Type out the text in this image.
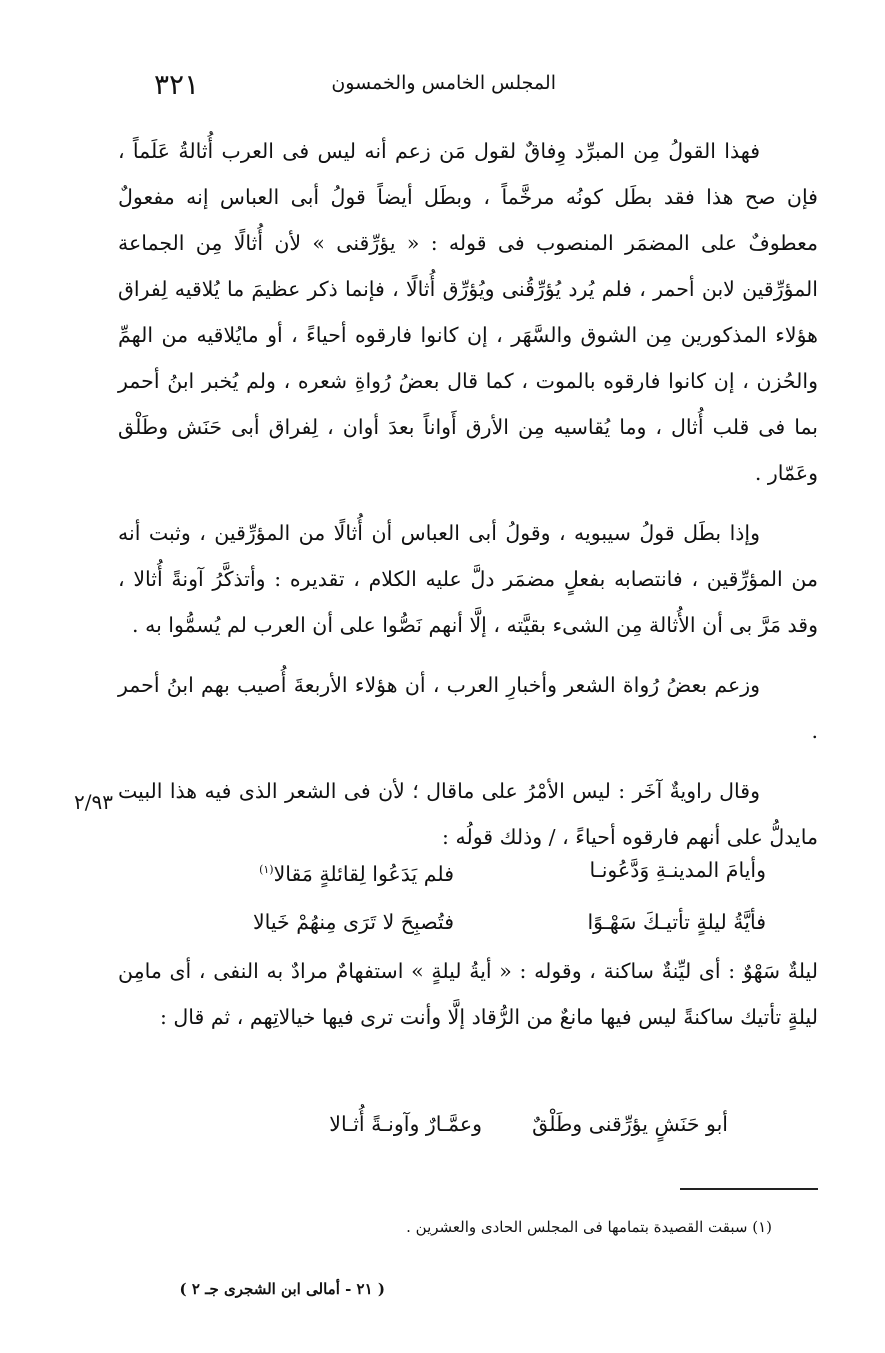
المجلس الخامس والخمسون
٣٢١

فهذا القولُ مِن المبرِّد وِفاقٌ لقول مَن زعم أنه ليس فى العرب أُثالةُ عَلَماً ، فإن صح هذا فقد بطَل كونُه مرخَّماً ، وبطَل أيضاً قولُ أبى العباس إنه مفعولٌ معطوفٌ على المضمَر المنصوب فى قوله : « يؤرِّقنى » لأن أُثالًا مِن الجماعة المؤرِّقين لابن أحمر ، فلم يُرد يُؤرِّقُنى ويُؤرِّق أُثالًا ، فإنما ذكر عظيمَ ما يُلاقيه لِفراق هؤلاء المذكورين مِن الشوق والسَّهَر ، إن كانوا فارقوه أحياءً ، أو مايُلاقيه من الهمِّ والحُزن ، إن كانوا فارقوه بالموت ، كما قال بعضُ رُواةِ شعره ، ولم يُخبر ابنُ أحمر بما فى قلب أُثال ، وما يُقاسيه مِن الأرق أَواناً بعدَ أوان ، لِفراق أبى حَنَش وطَلْق وعَمّار .

وإذا بطَل قولُ سيبويه ، وقولُ أبى العباس أن أُثالًا من المؤرِّقين ، وثبت أنه من المؤرِّقين ، فانتصابه بفعلٍ مضمَر دلَّ عليه الكلام ، تقديره : وأتذكَّرُ آونةً أُثالا ، وقد مَرَّ بى أن الأُثالة مِن الشىء بقيَّته ، إلَّا أنهم نَصُّوا على أن العرب لم يُسمُّوا به .

وزعم بعضُ رُواة الشعر وأخبارِ العرب ، أن هؤلاء الأربعةَ أُصيب بهم ابنُ أحمر .

وقال راويةٌ آخَر : ليس الأمْرُ على ماقال ؛ لأن فى الشعر الذى فيه هذا البيت مايدلُّ على أنهم فارقوه أحياءً ، / وذلك قولُه :

٢/٩٣
وأيامَ المدينـةِ وَدَّعُونـا
فلم يَدَعُوا لِقائلةٍ مَقالا$^{(١)}$
فأيَّةُ ليلةٍ تأتيـكَ سَهْـوًا
فتُصبِحَ لا تَرَى مِنهُمْ خَيالا

ليلةٌ سَهْوٌ : أى ليِّنةٌ ساكنة ، وقوله : « أيةُ ليلةٍ » استفهامٌ مرادٌ به النفى ، أى مامِن ليلةٍ تأتيك ساكنةً ليس فيها مانعٌ من الرُّقاد إلَّا وأنت ترى فيها خيالاتِهم ، ثم قال :

أبو حَنَشٍ يؤرِّقنى وطَلْقٌ
وعمَّـارٌ وآونـةً أُثـالا
(١) سبقت القصيدة بتمامها فى المجلس الحادى والعشرين .
( ٢١ - أمالى ابن الشجرى جـ ٢ )
